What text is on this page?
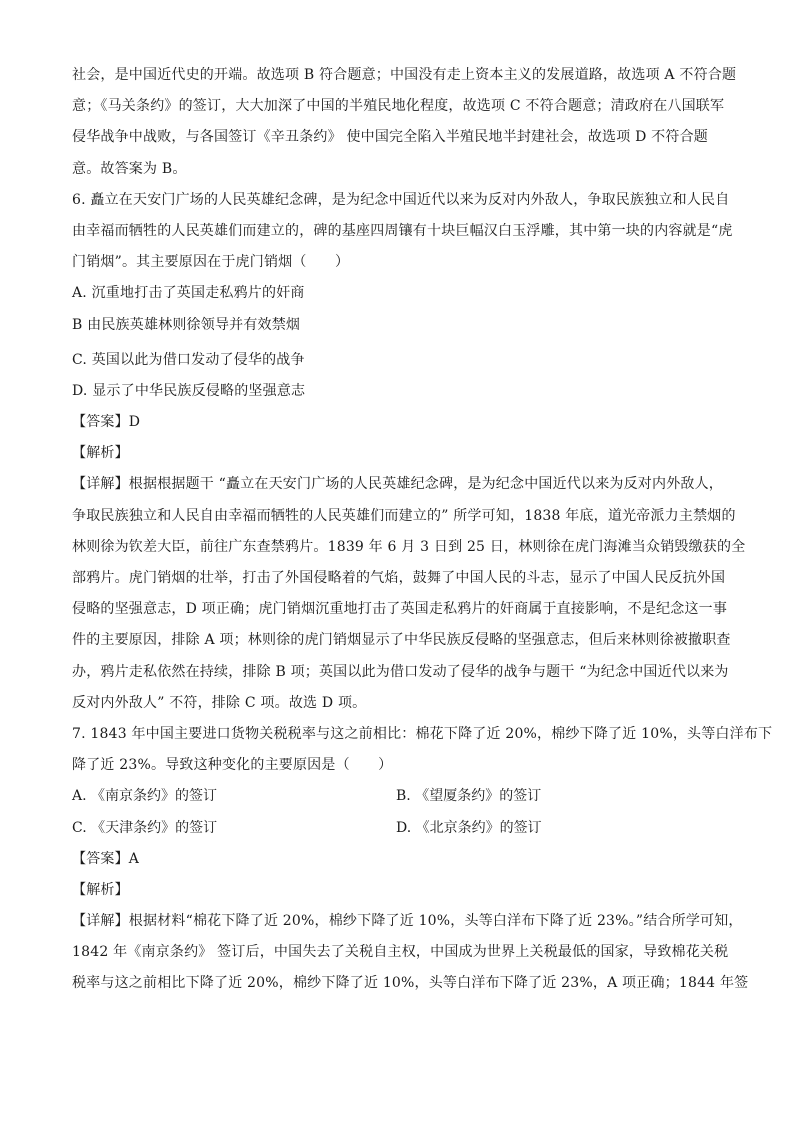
社会，是中国近代史的开端。故选项 B 符合题意；中国没有走上资本主义的发展道路，故选项 A 不符合题
意；《马关条约》的签订，大大加深了中国的半殖民地化程度，故选项 C 不符合题意；清政府在八国联军
侵华战争中战败，与各国签订《辛丑条约》 使中国完全陷入半殖民地半封建社会，故选项 D 不符合题
意。故答案为 B。
6. 矗立在天安门广场的人民英雄纪念碑，是为纪念中国近代以来为反对内外敌人，争取民族独立和人民自
由幸福而牺牲的人民英雄们而建立的，碑的基座四周镶有十块巨幅汉白玉浮雕，其中第一块的内容就是“虎
门销烟”。其主要原因在于虎门销烟（　　）
A. 沉重地打击了英国走私鸦片的奸商
B 由民族英雄林则徐领导并有效禁烟
C. 英国以此为借口发动了侵华的战争
D. 显示了中华民族反侵略的坚强意志
【答案】D
【解析】
【详解】根据根据题干 “矗立在天安门广场的人民英雄纪念碑，是为纪念中国近代以来为反对内外敌人，
争取民族独立和人民自由幸福而牺牲的人民英雄们而建立的” 所学可知，1838 年底，道光帝派力主禁烟的
林则徐为钦差大臣，前往广东查禁鸦片。1839 年 6 月 3 日到 25 日，林则徐在虎门海滩当众销毁缴获的全
部鸦片。虎门销烟的壮举，打击了外国侵略着的气焰，鼓舞了中国人民的斗志，显示了中国人民反抗外国
侵略的坚强意志，D 项正确；虎门销烟沉重地打击了英国走私鸦片的奸商属于直接影响，不是纪念这一事
件的主要原因，排除 A 项；林则徐的虎门销烟显示了中华民族反侵略的坚强意志，但后来林则徐被撤职查
办，鸦片走私依然在持续，排除 B 项；英国以此为借口发动了侵华的战争与题干 “为纪念中国近代以来为
反对内外敌人” 不符，排除 C 项。故选 D 项。
7. 1843 年中国主要进口货物关税税率与这之前相比：棉花下降了近 20%，棉纱下降了近 10%，头等白洋布下
降了近 23%。导致这种变化的主要原因是（　　）
A. 《南京条约》的签订	B. 《望厦条约》的签订
C. 《天津条约》的签订	D. 《北京条约》的签订
【答案】A
【解析】
【详解】根据材料“棉花下降了近 20%，棉纱下降了近 10%，头等白洋布下降了近 23%。”结合所学可知，
1842 年《南京条约》 签订后，中国失去了关税自主权，中国成为世界上关税最低的国家，导致棉花关税
税率与这之前相比下降了近 20%，棉纱下降了近 10%，头等白洋布下降了近 23%，A 项正确；1844 年签
